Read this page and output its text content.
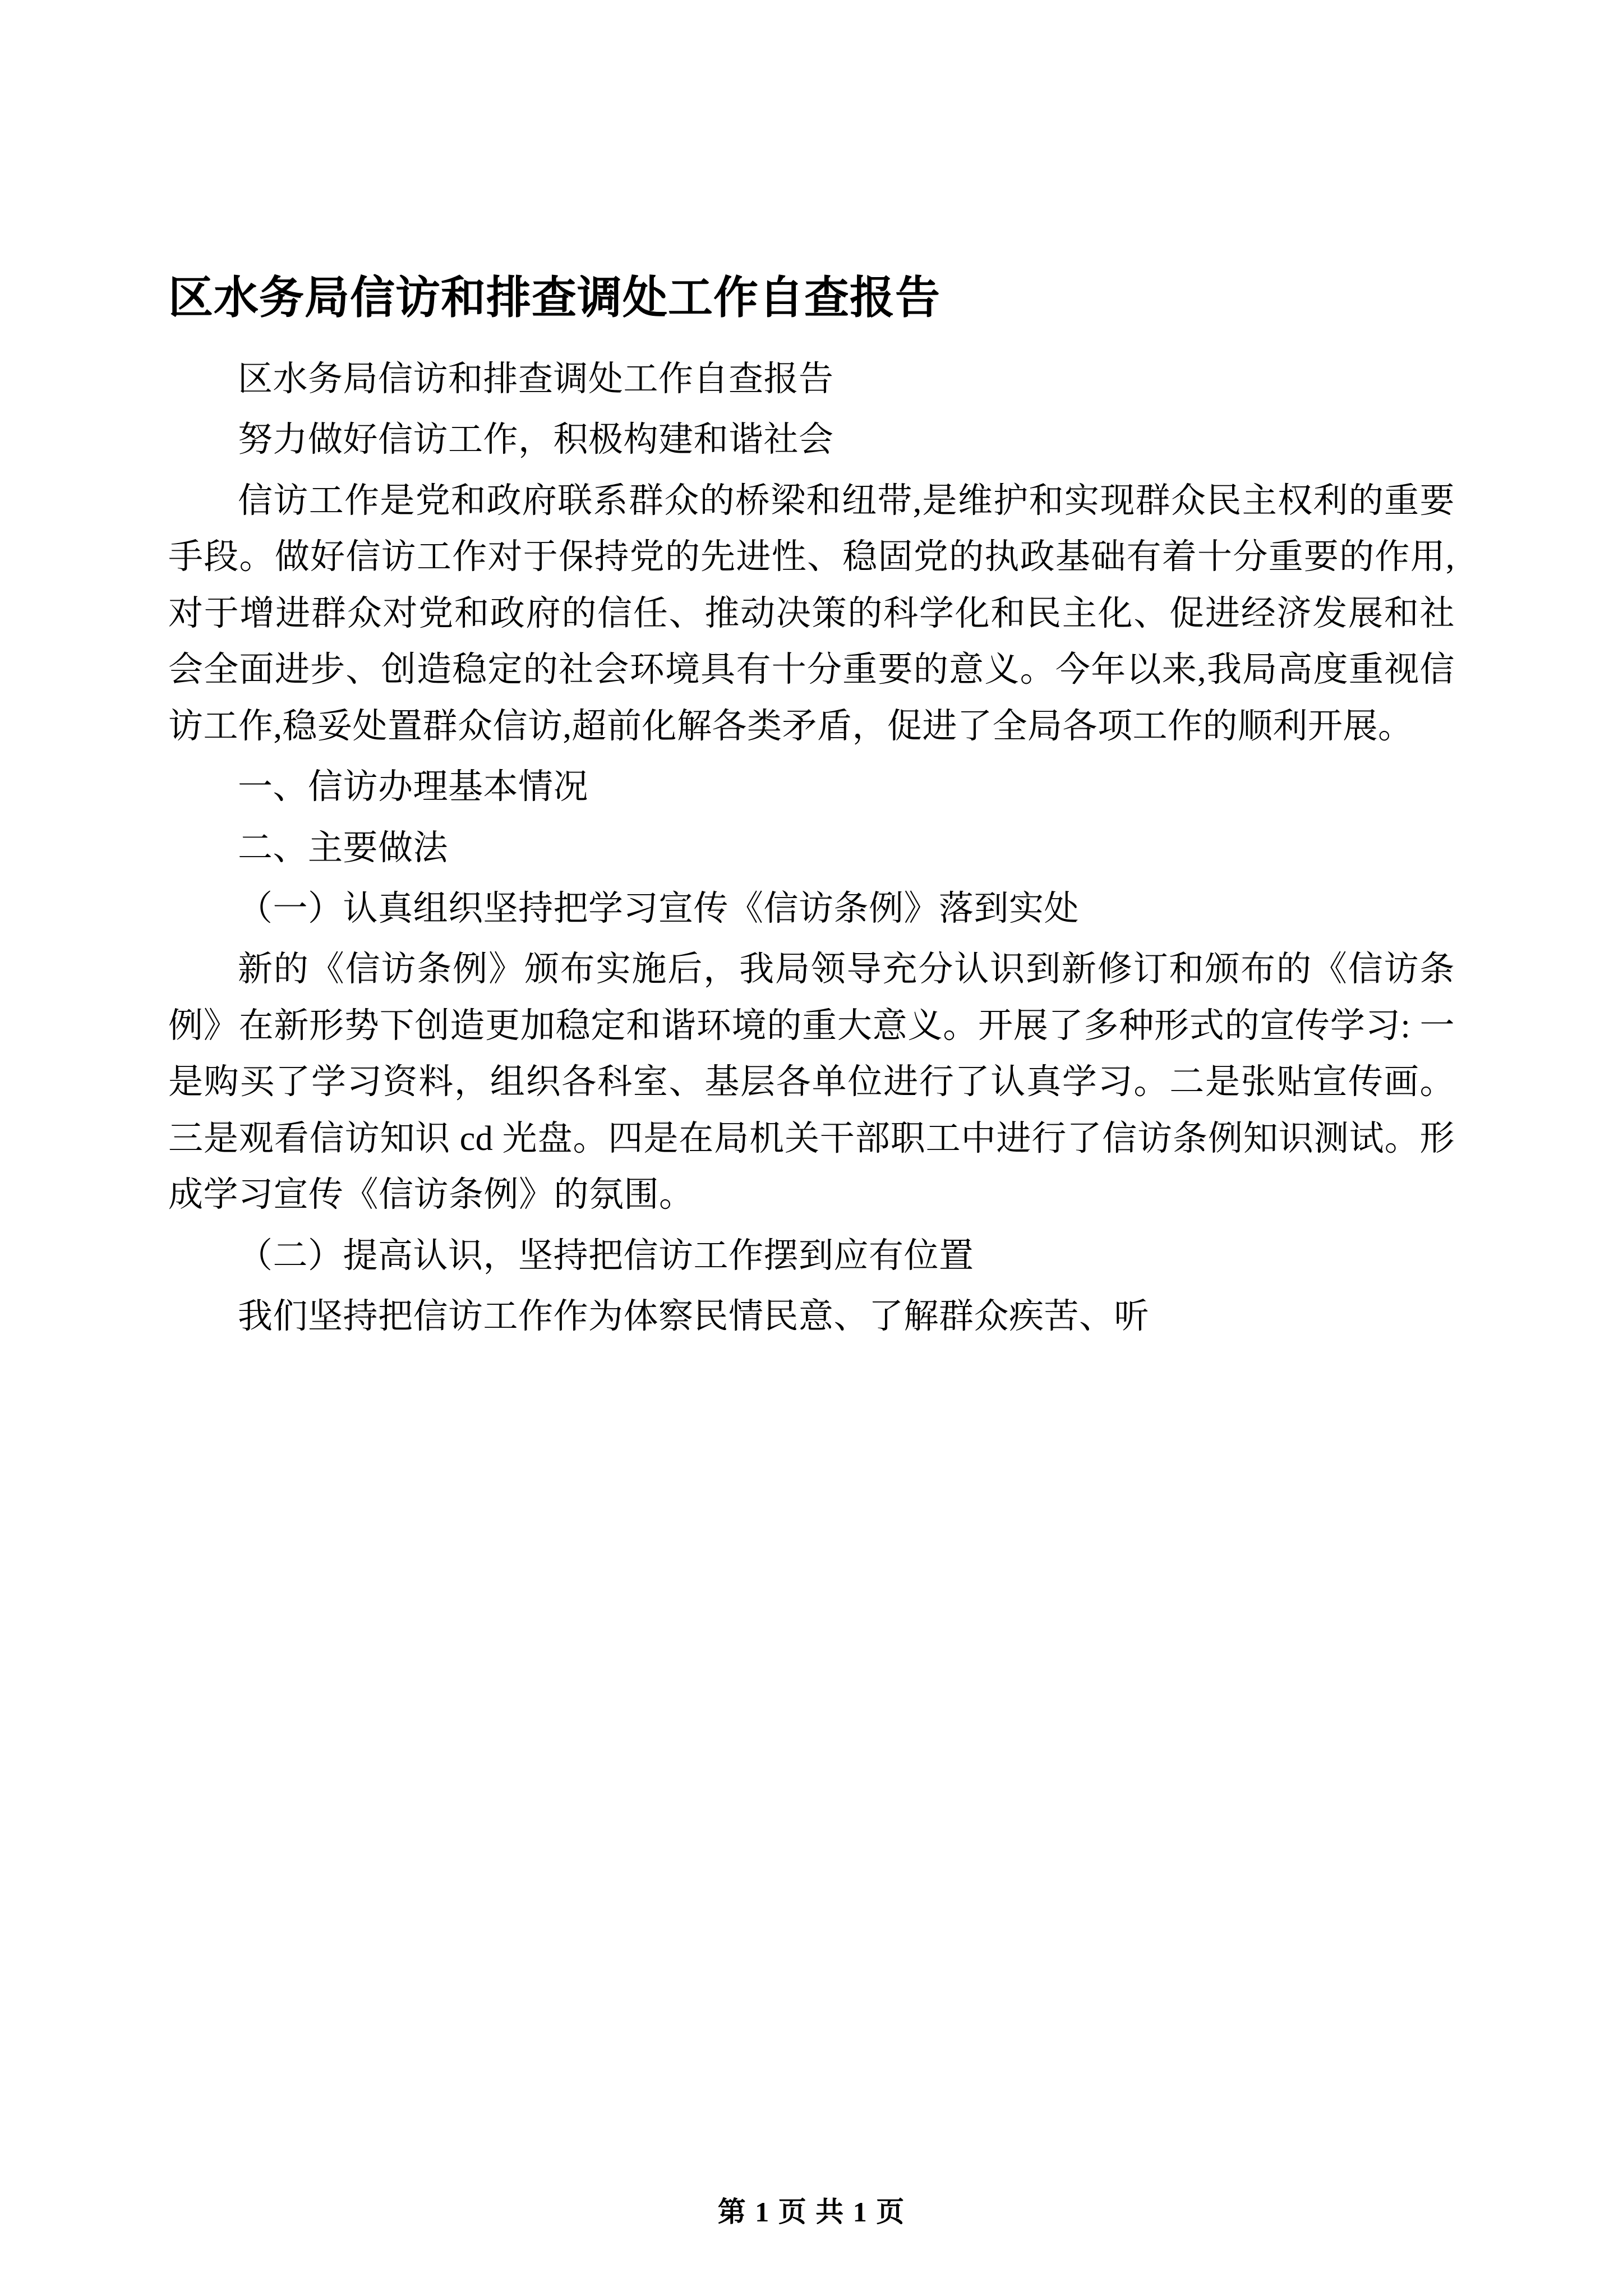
区水务局信访和排查调处工作自查报告

区水务局信访和排查调处工作自查报告

努力做好信访工作，积极构建和谐社会

信访工作是党和政府联系群众的桥梁和纽带,是维护和实现群众民主权利的重要手段。做好信访工作对于保持党的先进性、稳固党的执政基础有着十分重要的作用,对于增进群众对党和政府的信任、推动决策的科学化和民主化、促进经济发展和社会全面进步、创造稳定的社会环境具有十分重要的意义。今年以来,我局高度重视信访工作,稳妥处置群众信访,超前化解各类矛盾，促进了全局各项工作的顺利开展。

一、信访办理基本情况

二、主要做法

（一）认真组织坚持把学习宣传《信访条例》落到实处

新的《信访条例》颁布实施后，我局领导充分认识到新修订和颁布的《信访条例》在新形势下创造更加稳定和谐环境的重大意义。开展了多种形式的宣传学习: 一是购买了学习资料，组织各科室、基层各单位进行了认真学习。二是张贴宣传画。三是观看信访知识 cd 光盘。四是在局机关干部职工中进行了信访条例知识测试。形成学习宣传《信访条例》的氛围。

（二）提高认识，坚持把信访工作摆到应有位置

我们坚持把信访工作作为体察民情民意、了解群众疾苦、听

第 1 页 共 1 页
